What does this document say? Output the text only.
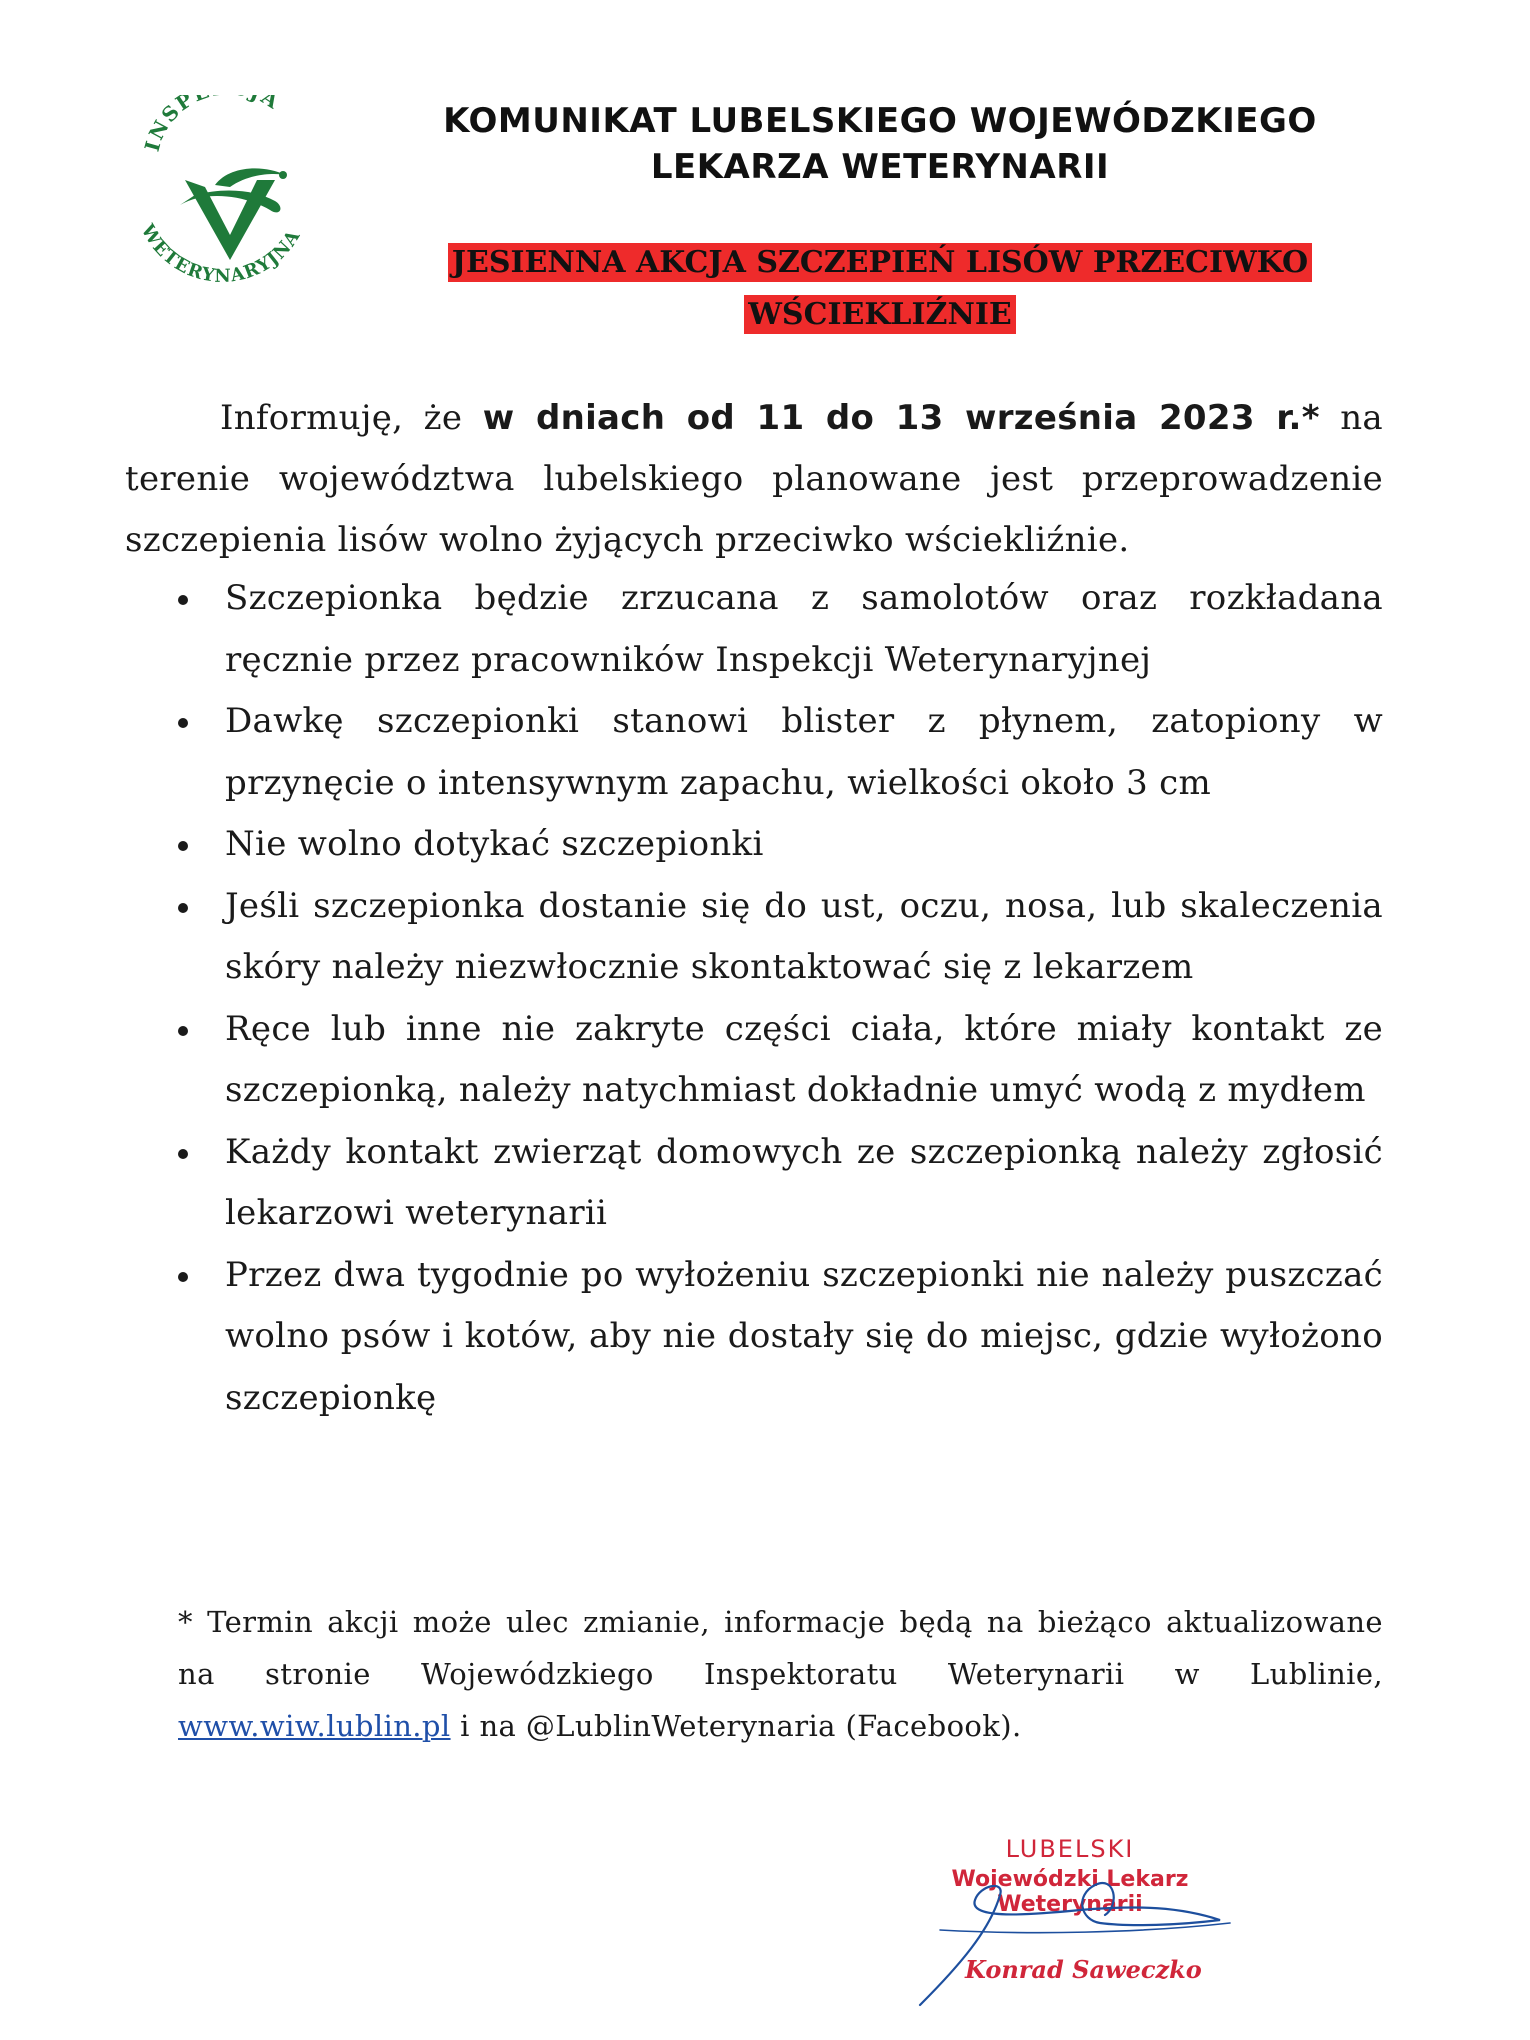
INSP A
WETERYNARYJNA
KOMUNIKAT LUBELSKIEGO WOJEWÓDZKIEGO
LEKARZA WETERYNARII
JESIENNA AKCJA SZCZEPIEŃ LISÓW PRZECIWKO
WŚCIEKLIŹNIE

Informuję, że w dniach od 11 do 13 września 2023 r.* na terenie województwa lubelskiego planowane jest przeprowadzenie szczepienia lisów wolno żyjących przeciwko wściekliźnie.

Szczepionka będzie zrzucana z samolotów oraz rozkładana ręcznie przez pracowników Inspekcji Weterynaryjnej
Dawkę szczepionki stanowi blister z płynem, zatopiony w przynęcie o intensywnym zapachu, wielkości około 3 cm
Nie wolno dotykać szczepionki
Jeśli szczepionka dostanie się do ust, oczu, nosa, lub skaleczenia skóry należy niezwłocznie skontaktować się z lekarzem
Ręce lub inne nie zakryte części ciała, które miały kontakt ze szczepionką, należy natychmiast dokładnie umyć wodą z mydłem
Każdy kontakt zwierząt domowych ze szczepionką należy zgłosić lekarzowi weterynarii
Przez dwa tygodnie po wyłożeniu szczepionki nie należy puszczać wolno psów i kotów, aby nie dostały się do miejsc, gdzie wyłożono szczepionkę

* Termin akcji może ulec zmianie, informacje będą na bieżąco aktualizowane na stronie Wojewódzkiego Inspektoratu Weterynarii w Lublinie, www.wiw.lublin.pl i na @LublinWeterynaria (Facebook).

LUBELSKI
Wojewódzki Lekarz Weterynarii
Konrad Saweczko
